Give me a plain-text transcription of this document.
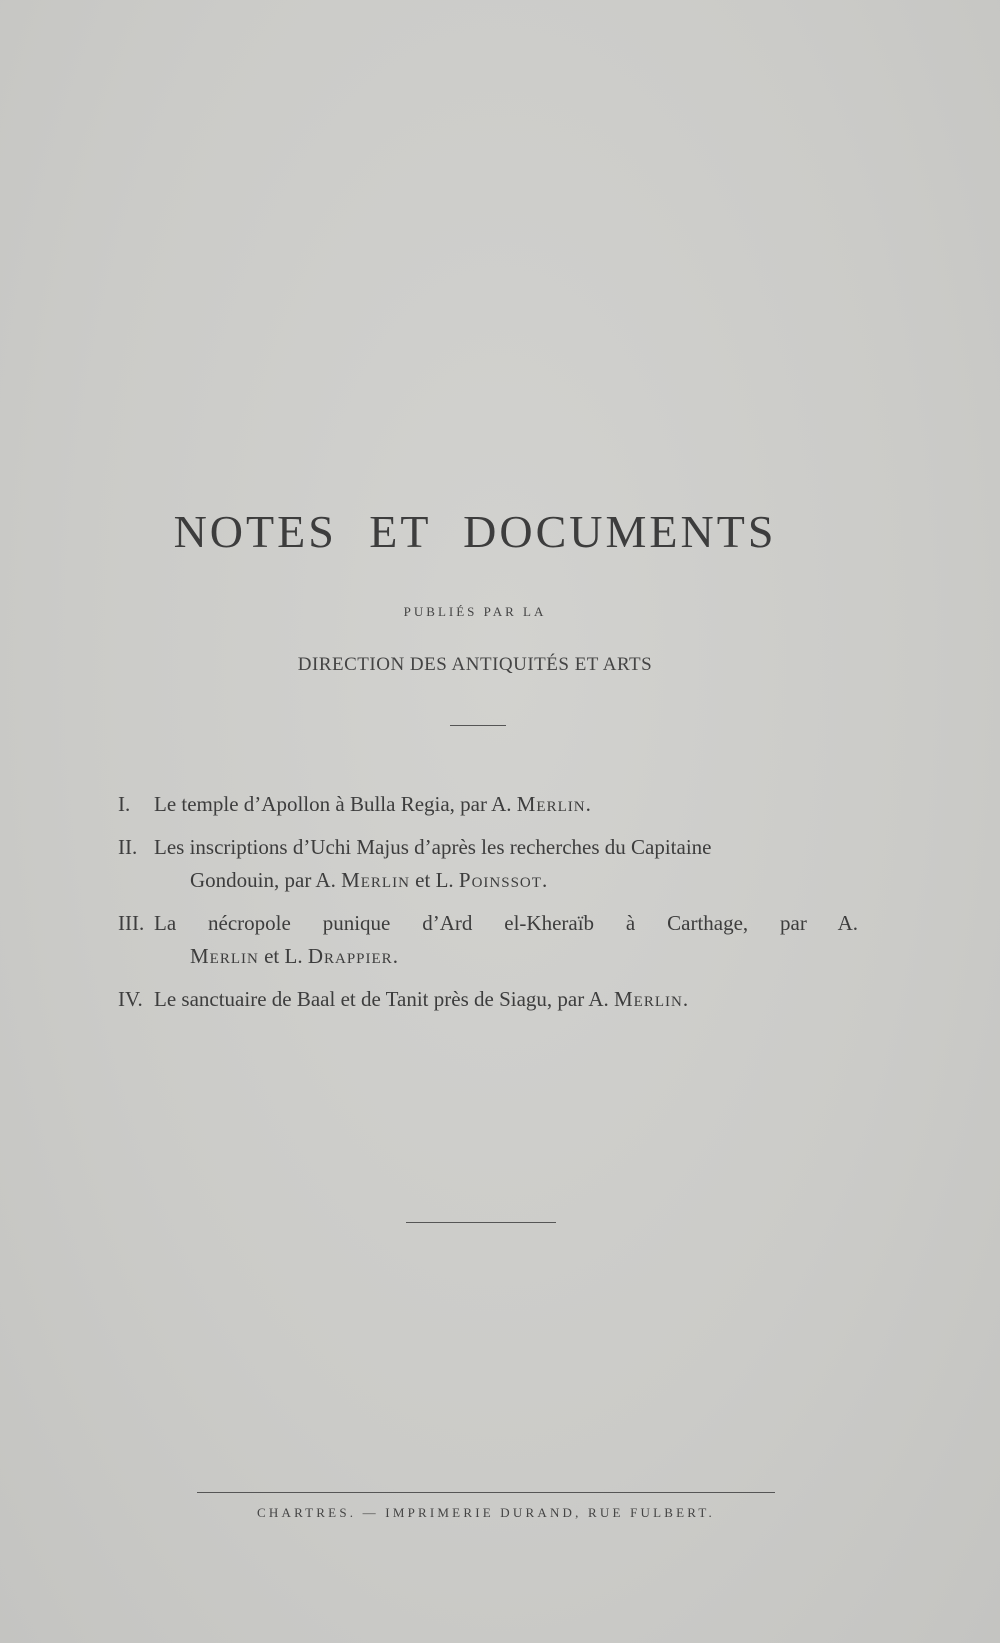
NOTES ET DOCUMENTS
PUBLIÉS PAR LA
DIRECTION DES ANTIQUITÉS ET ARTS
I.	Le temple d’Apollon à Bulla Regia, par A. Merlin.
II. Les inscriptions d’Uchi Majus d’après les recherches du Capitaine
Gondouin, par A. Merlin et L. Poinssot.
III. La nécropole punique d’Ard el-Kheraïb à Carthage, par A.
Merlin et L. Drappier.
IV. Le sanctuaire de Baal et de Tanit près de Siagu, par A. Merlin.
CHARTRES. — IMPRIMERIE DURAND, RUE FULBERT.
